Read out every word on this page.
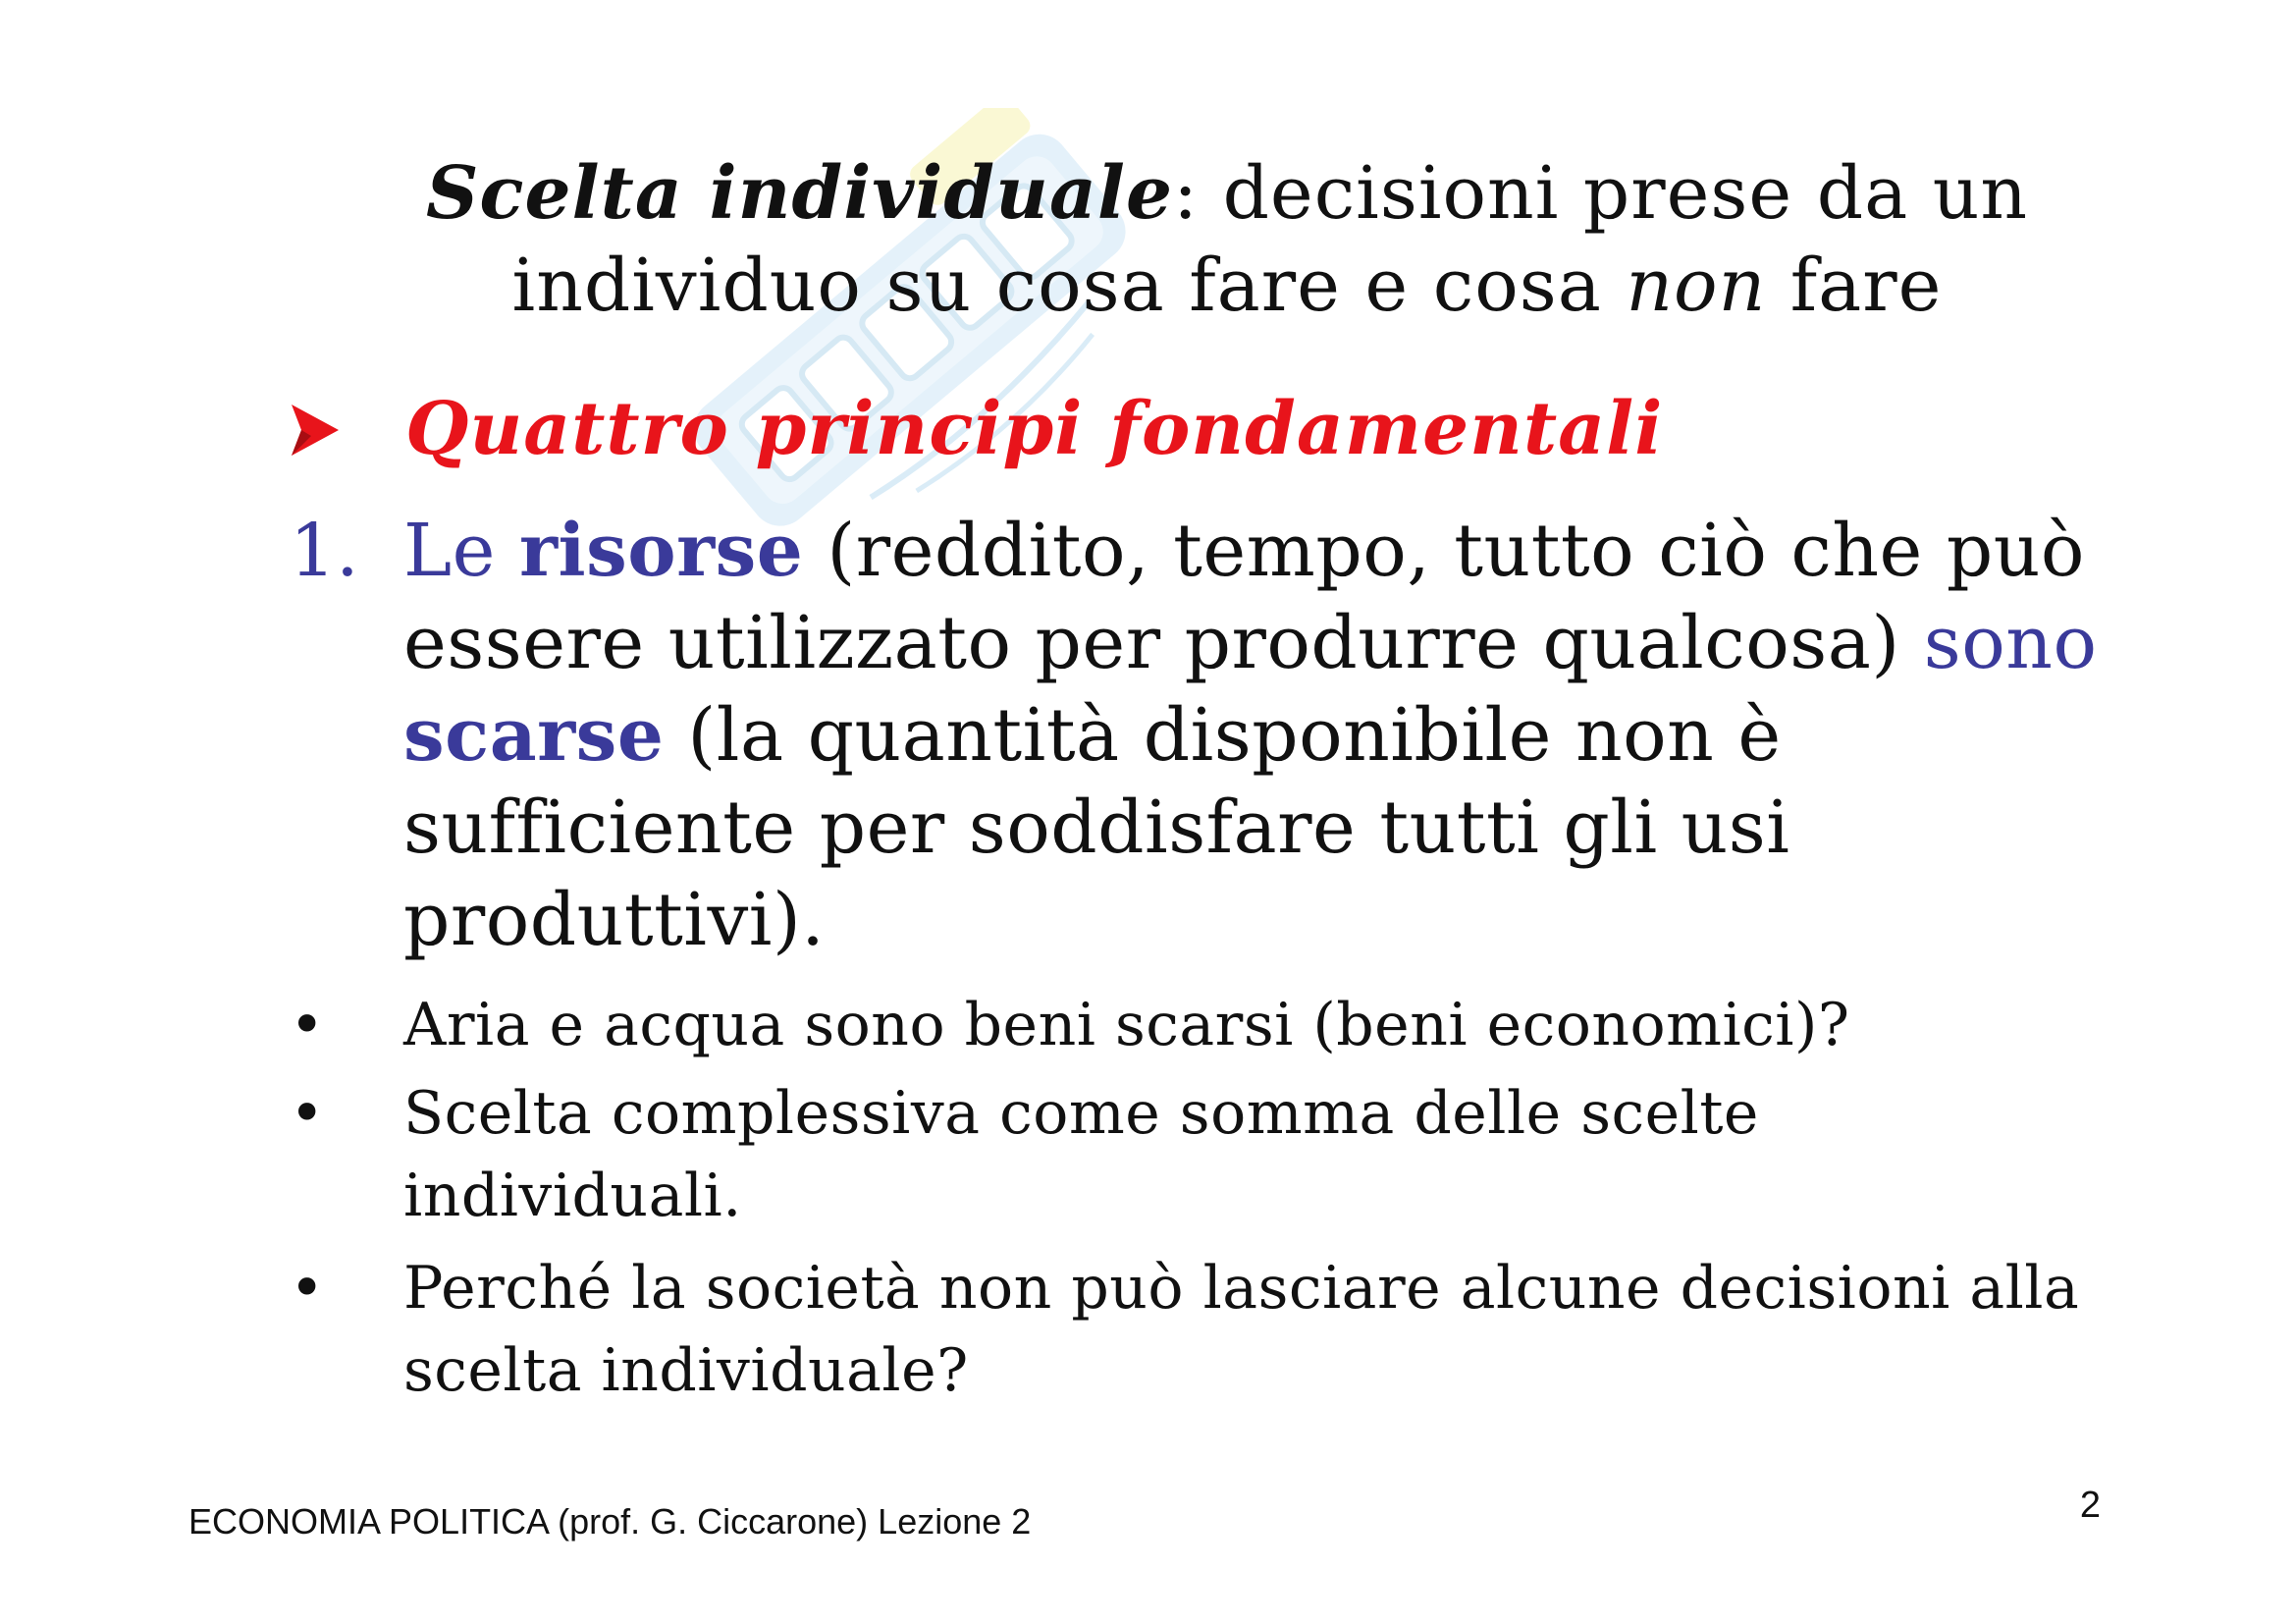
Scelta individuale: decisioni prese da un individuo su cosa fare e cosa non fare
Quattro principi fondamentali
1. Le risorse (reddito, tempo, tutto ciò che può essere utilizzato per produrre qualcosa) sono scarse (la quantità disponibile non è sufficiente per soddisfare tutti gli usi produttivi).
• Aria e acqua sono beni scarsi (beni economici)?
• Scelta complessiva come somma delle scelte individuali.
• Perché la società non può lasciare alcune decisioni alla scelta individuale?
ECONOMIA POLITICA (prof. G. Ciccarone) Lezione 2	2
